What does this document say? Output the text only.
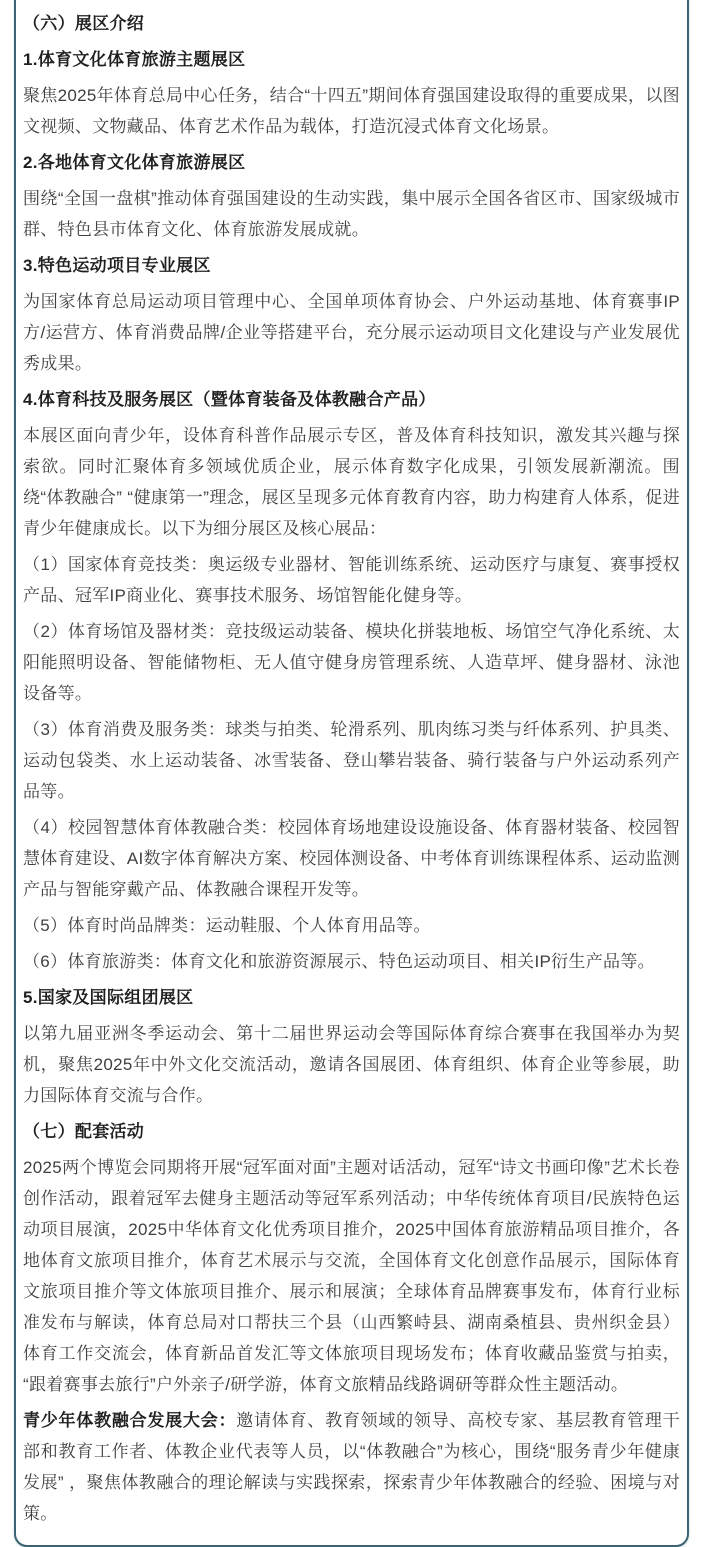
（六）展区介绍
1.体育文化体育旅游主题展区
聚焦2025年体育总局中心任务，结合“十四五”期间体育强国建设取得的重要成果，以图文视频、文物藏品、体育艺术作品为载体，打造沉浸式体育文化场景。
2.各地体育文化体育旅游展区
围绕“全国一盘棋”推动体育强国建设的生动实践，集中展示全国各省区市、国家级城市群、特色县市体育文化、体育旅游发展成就。
3.特色运动项目专业展区
为国家体育总局运动项目管理中心、全国单项体育协会、户外运动基地、体育赛事IP方/运营方、体育消费品牌/企业等搭建平台，充分展示运动项目文化建设与产业发展优秀成果。
4.体育科技及服务展区（暨体育装备及体教融合产品）
本展区面向青少年，设体育科普作品展示专区，普及体育科技知识，激发其兴趣与探索欲。同时汇聚体育多领域优质企业，展示体育数字化成果，引领发展新潮流。围绕“体教融合” “健康第一”理念，展区呈现多元体育教育内容，助力构建育人体系，促进青少年健康成长。以下为细分展区及核心展品：
（1）国家体育竞技类：奥运级专业器材、智能训练系统、运动医疗与康复、赛事授权产品、冠军IP商业化、赛事技术服务、场馆智能化健身等。
（2）体育场馆及器材类：竞技级运动装备、模块化拼装地板、场馆空气净化系统、太阳能照明设备、智能储物柜、无人值守健身房管理系统、人造草坪、健身器材、泳池设备等。
（3）体育消费及服务类：球类与拍类、轮滑系列、肌肉练习类与纤体系列、护具类、运动包袋类、水上运动装备、冰雪装备、登山攀岩装备、骑行装备与户外运动系列产品等。
（4）校园智慧体育体教融合类：校园体育场地建设设施设备、体育器材装备、校园智慧体育建设、AI数字体育解决方案、校园体测设备、中考体育训练课程体系、运动监测产品与智能穿戴产品、体教融合课程开发等。
（5）体育时尚品牌类：运动鞋服、个人体育用品等。
（6）体育旅游类：体育文化和旅游资源展示、特色运动项目、相关IP衍生产品等。
5.国家及国际组团展区
以第九届亚洲冬季运动会、第十二届世界运动会等国际体育综合赛事在我国举办为契机，聚焦2025年中外文化交流活动，邀请各国展团、体育组织、体育企业等参展，助力国际体育交流与合作。
（七）配套活动
2025两个博览会同期将开展“冠军面对面”主题对话活动，冠军“诗文书画印像”艺术长卷创作活动，跟着冠军去健身主题活动等冠军系列活动；中华传统体育项目/民族特色运动项目展演，2025中华体育文化优秀项目推介，2025中国体育旅游精品项目推介，各地体育文旅项目推介，体育艺术展示与交流，全国体育文化创意作品展示，国际体育文旅项目推介等文体旅项目推介、展示和展演；全球体育品牌赛事发布，体育行业标准发布与解读，体育总局对口帮扶三个县（山西繁峙县、湖南桑植县、贵州织金县）体育工作交流会，体育新品首发汇等文体旅项目现场发布；体育收藏品鉴赏与拍卖， “跟着赛事去旅行”户外亲子/研学游，体育文旅精品线路调研等群众性主题活动。
青少年体教融合发展大会：邀请体育、教育领域的领导、高校专家、基层教育管理干部和教育工作者、体教企业代表等人员，以“体教融合”为核心，围绕“服务青少年健康发展” ，聚焦体教融合的理论解读与实践探索，探索青少年体教融合的经验、困境与对策。
